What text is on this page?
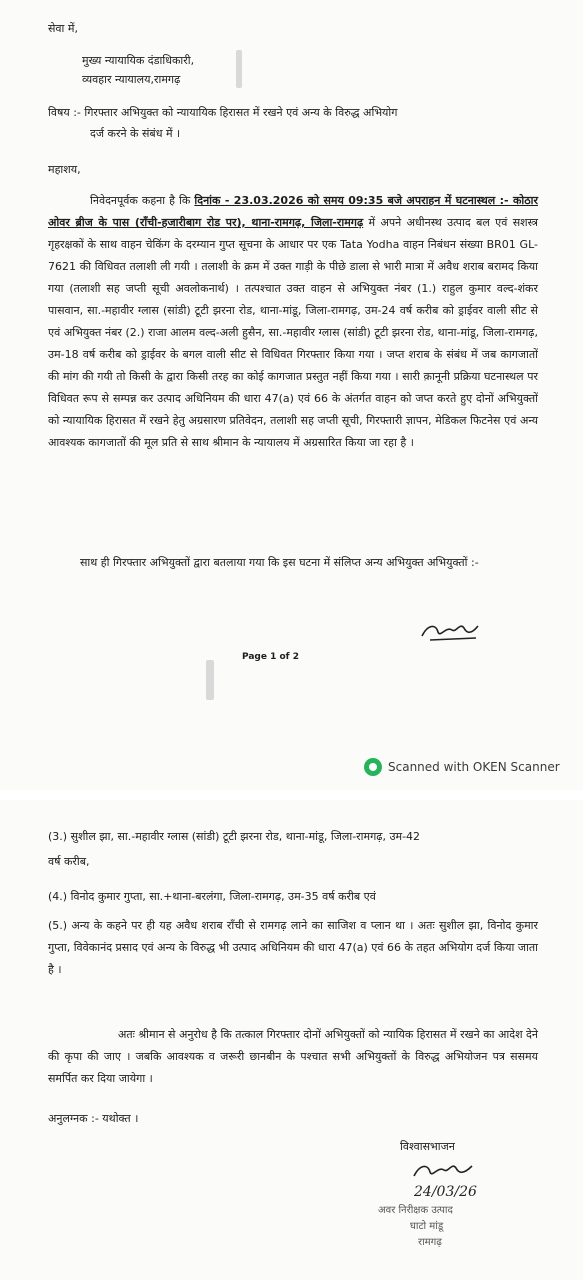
सेवा में,
मुख्य न्यायायिक दंडाधिकारी,
व्यवहार न्यायालय,रामगढ़
विषय :- गिरफ्तार अभियुक्त को न्यायायिक हिरासत में रखने एवं अन्य के विरुद्ध अभियोग
दर्ज करने के संबंध में ।
महाशय,
निवेदनपूर्वक कहना है कि दिनांक - 23.03.2026 को समय 09:35 बजे अपराहन में घटनास्थल :- कोठार ओवर ब्रीज के पास (राँची-हजारीबाग रोड पर), थाना-रामगढ़, जिला-रामगढ़ में अपने अधीनस्थ उत्पाद बल एवं सशस्त्र गृहरक्षकों के साथ वाहन चेकिंग के दरम्यान गुप्त सूचना के आधार पर एक Tata Yodha वाहन निबंधन संख्या BR01 GL-7621 की विधिवत तलाशी ली गयी । तलाशी के क्रम में उक्त गाड़ी के पीछे डाला से भारी मात्रा में अवैध शराब बरामद किया गया (तलाशी सह जप्ती सूची अवलोकनार्थ) । तत्पश्चात उक्त वाहन से अभियुक्त नंबर (1.) राहुल कुमार वल्द-शंकर पासवान, सा.-महावीर ग्लास (सांडी) टूटी झरना रोड, थाना-मांडू, जिला-रामगढ़, उम-24 वर्ष करीब को ड्राईवर वाली सीट से एवं अभियुक्त नंबर (2.) राजा आलम वल्द-अली हुसैन, सा.-महावीर ग्लास (सांडी) टूटी झरना रोड, थाना-मांडू, जिला-रामगढ़, उम-18 वर्ष करीब को ड्राईवर के बगल वाली सीट से विधिवत गिरफ्तार किया गया । जप्त शराब के संबंध में जब कागजातों की मांग की गयी तो किसी के द्वारा किसी तरह का कोई कागजात प्रस्तुत नहीं किया गया । सारी क़ानूनी प्रक्रिया घटनास्थल पर विधिवत रूप से सम्पन्न कर उत्पाद अधिनियम की धारा 47(a) एवं 66 के अंतर्गत वाहन को जप्त करते हुए दोनों अभियुक्तों को न्यायायिक हिरासत में रखने हेतु अग्रसारण प्रतिवेदन, तलाशी सह जप्ती सूची, गिरफ्तारी ज्ञापन, मेडिकल फिटनेस एवं अन्य आवश्यक कागजातों की मूल प्रति से साथ श्रीमान के न्यायालय में अग्रसारित किया जा रहा है ।
साथ ही गिरफ्तार अभियुक्तों द्वारा बतलाया गया कि इस घटना में संलिप्त अन्य अभियुक्त अभियुक्तों :-
Page 1 of 2
Scanned with OKEN Scanner
(3.) सुशील झा, सा.-महावीर ग्लास (सांडी) टूटी झरना रोड, थाना-मांडू, जिला-रामगढ़, उम-42
वर्ष करीब,
(4.) विनोद कुमार गुप्ता, सा.+थाना-बरलंगा, जिला-रामगढ़, उम-35 वर्ष करीब एवं
(5.) अन्य के कहने पर ही यह अवैध शराब राँची से रामगढ़ लाने का साजिश व प्लान था । अतः सुशील झा, विनोद कुमार गुप्ता, विवेकानंद प्रसाद एवं अन्य के विरुद्ध भी उत्पाद अधिनियम की धारा 47(a) एवं 66 के तहत अभियोग दर्ज किया जाता है ।
अतः श्रीमान से अनुरोध है कि तत्काल गिरफ्तार दोनों अभियुक्तों को न्यायिक हिरासत में रखने का आदेश देने की कृपा की जाए । जबकि आवश्यक व जरूरी छानबीन के पश्चात सभी अभियुक्तों के विरुद्ध अभियोजन पत्र ससमय समर्पित कर दिया जायेगा ।
अनुलग्नक :- यथोक्त ।
विश्वासभाजन
24/03/26
अवर निरीक्षक उत्पाद
घाटो मांडू
रामगढ़
